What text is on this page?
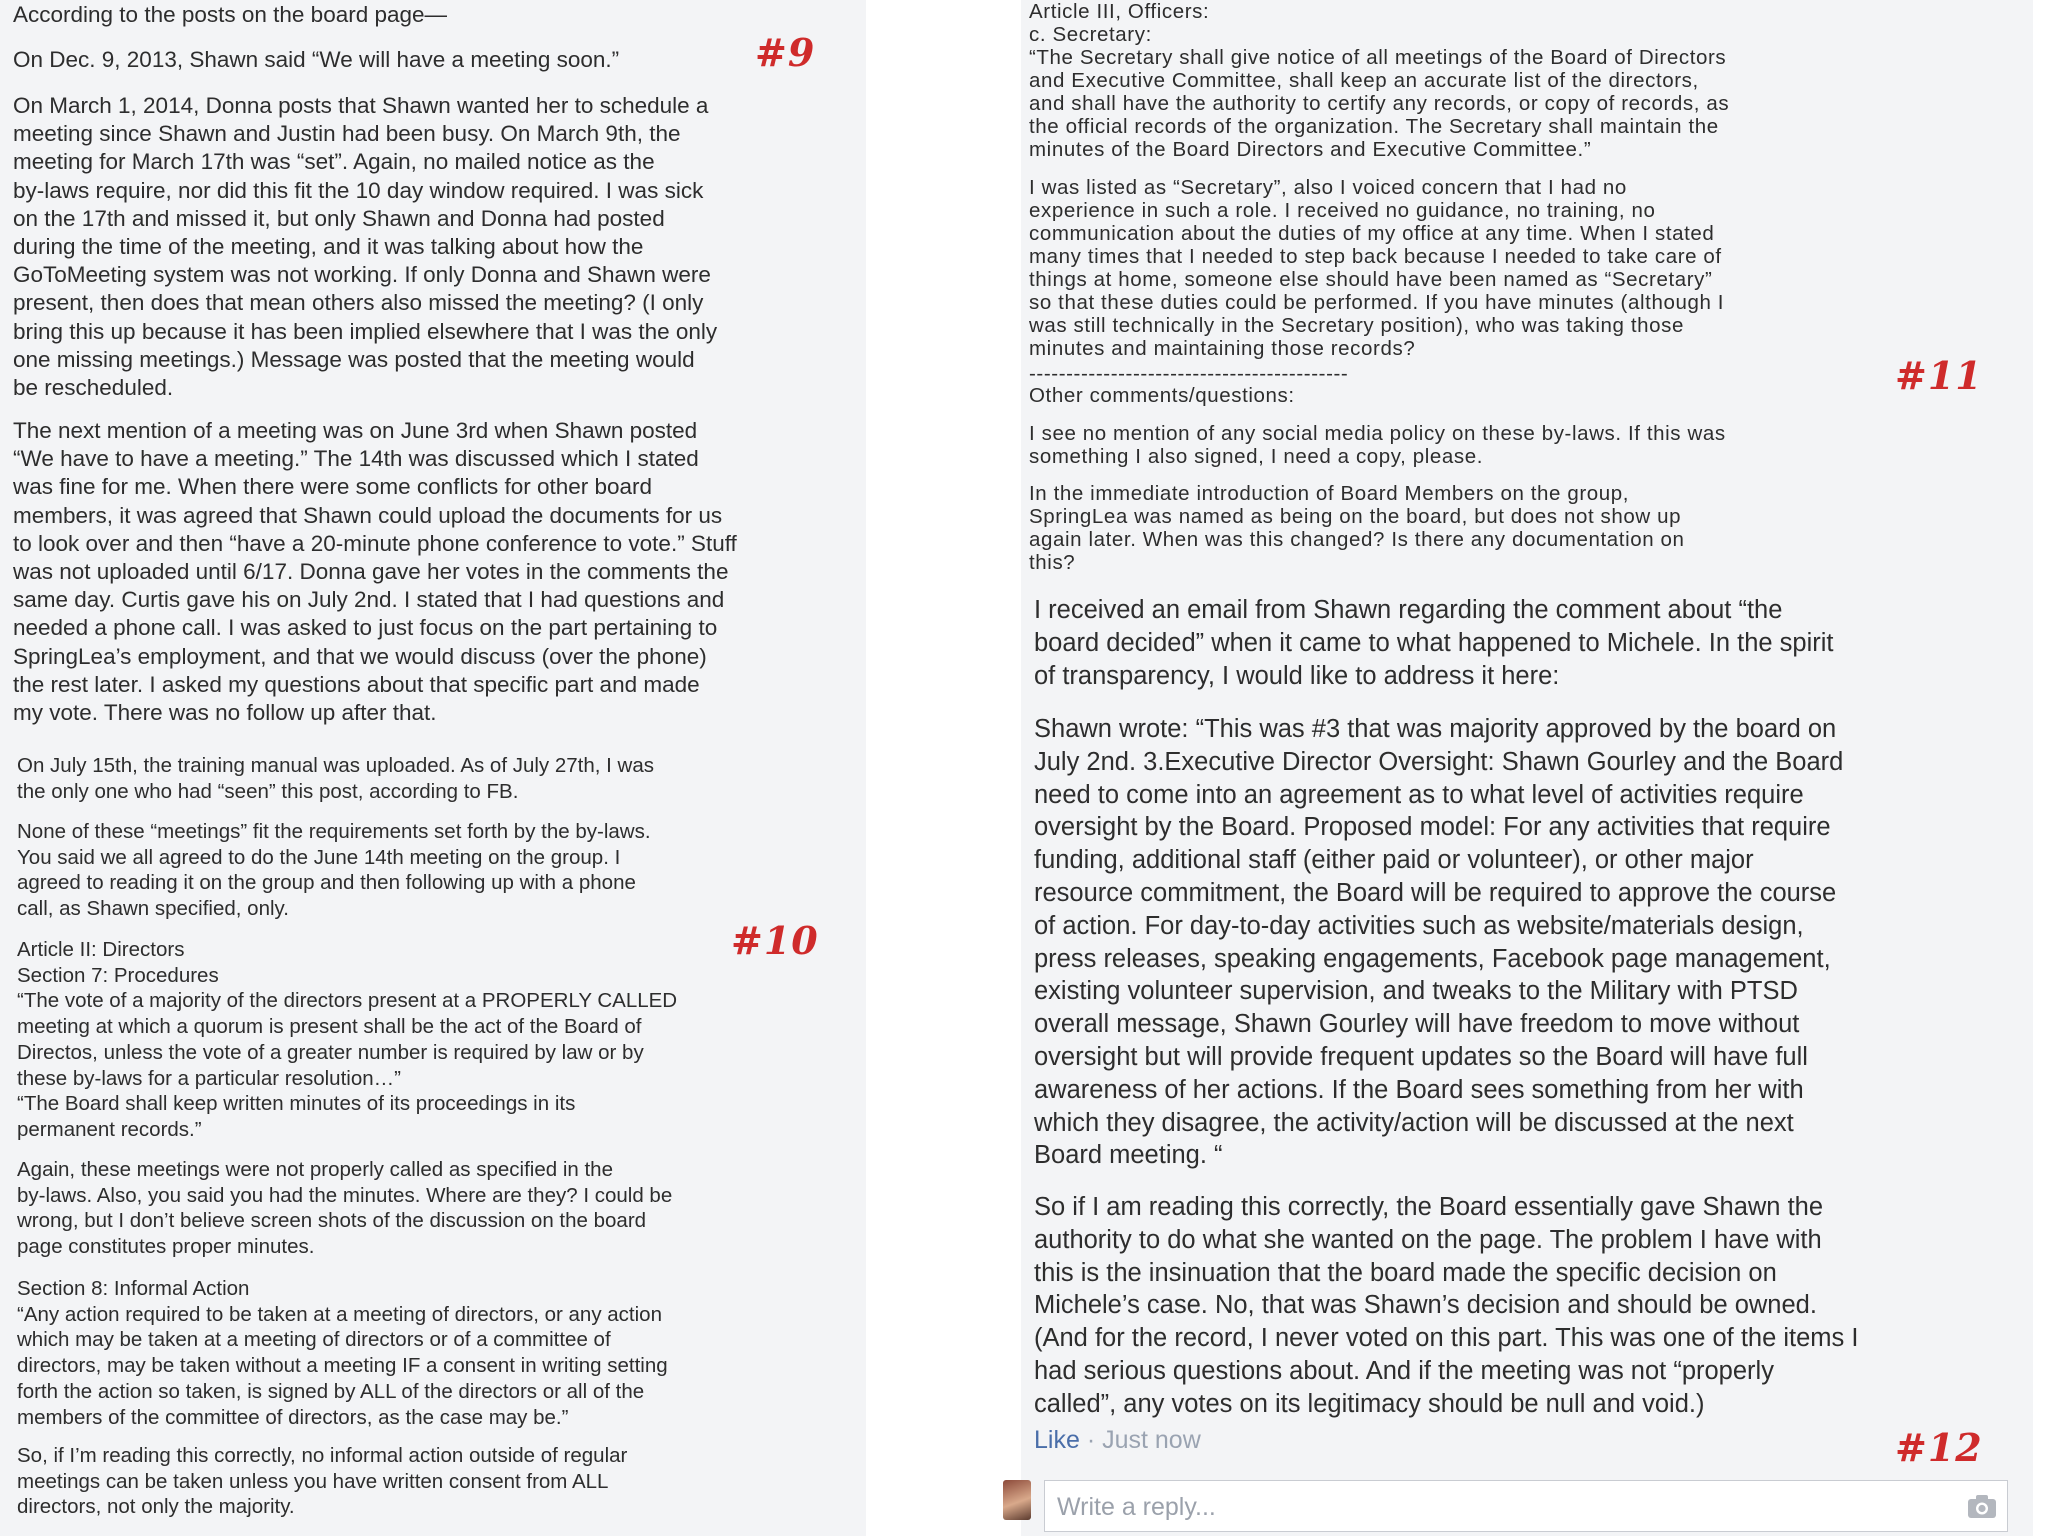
According to the posts on the board page—

On Dec. 9, 2013, Shawn said “We will have a meeting soon.”

On March 1, 2014, Donna posts that Shawn wanted her to schedule a
meeting since Shawn and Justin had been busy. On March 9th, the
meeting for March 17th was “set”. Again, no mailed notice as the
by-laws require, nor did this fit the 10 day window required. I was sick
on the 17th and missed it, but only Shawn and Donna had posted
during the time of the meeting, and it was talking about how the
GoToMeeting system was not working. If only Donna and Shawn were
present, then does that mean others also missed the meeting? (I only
bring this up because it has been implied elsewhere that I was the only
one missing meetings.) Message was posted that the meeting would
be rescheduled.

The next mention of a meeting was on June 3rd when Shawn posted
“We have to have a meeting.” The 14th was discussed which I stated
was fine for me. When there were some conflicts for other board
members, it was agreed that Shawn could upload the documents for us
to look over and then “have a 20-minute phone conference to vote.” Stuff
was not uploaded until 6/17. Donna gave her votes in the comments the
same day. Curtis gave his on July 2nd. I stated that I had questions and
needed a phone call. I was asked to just focus on the part pertaining to
SpringLea’s employment, and that we would discuss (over the phone)
the rest later. I asked my questions about that specific part and made
my vote. There was no follow up after that.

On July 15th, the training manual was uploaded. As of July 27th, I was
the only one who had “seen” this post, according to FB.

None of these “meetings” fit the requirements set forth by the by-laws.
You said we all agreed to do the June 14th meeting on the group. I
agreed to reading it on the group and then following up with a phone
call, as Shawn specified, only.

Article II: Directors
Section 7: Procedures
“The vote of a majority of the directors present at a PROPERLY CALLED
meeting at which a quorum is present shall be the act of the Board of
Directos, unless the vote of a greater number is required by law or by
these by-laws for a particular resolution…”
“The Board shall keep written minutes of its proceedings in its
permanent records.”

Again, these meetings were not properly called as specified in the
by-laws. Also, you said you had the minutes. Where are they? I could be
wrong, but I don’t believe screen shots of the discussion on the board
page constitutes proper minutes.

Section 8: Informal Action
“Any action required to be taken at a meeting of directors, or any action
which may be taken at a meeting of directors or of a committee of
directors, may be taken without a meeting IF a consent in writing setting
forth the action so taken, is signed by ALL of the directors or all of the
members of the committee of directors, as the case may be.”

So, if I’m reading this correctly, no informal action outside of regular
meetings can be taken unless you have written consent from ALL
directors, not only the majority.

Article III, Officers:
c. Secretary:
“The Secretary shall give notice of all meetings of the Board of Directors
and Executive Committee, shall keep an accurate list of the directors,
and shall have the authority to certify any records, or copy of records, as
the official records of the organization. The Secretary shall maintain the
minutes of the Board Directors and Executive Committee.”

I was listed as “Secretary”, also I voiced concern that I had no
experience in such a role. I received no guidance, no training, no
communication about the duties of my office at any time. When I stated
many times that I needed to step back because I needed to take care of
things at home, someone else should have been named as “Secretary”
so that these duties could be performed. If you have minutes (although I
was still technically in the Secretary position), who was taking those
minutes and maintaining those records?

-------------------------------------------

Other comments/questions:

I see no mention of any social media policy on these by-laws. If this was
something I also signed, I need a copy, please.

In the immediate introduction of Board Members on the group,
SpringLea was named as being on the board, but does not show up
again later. When was this changed? Is there any documentation on
this?

I received an email from Shawn regarding the comment about “the
board decided” when it came to what happened to Michele. In the spirit
of transparency, I would like to address it here:

Shawn wrote: “This was #3 that was majority approved by the board on
July 2nd. 3.Executive Director Oversight: Shawn Gourley and the Board
need to come into an agreement as to what level of activities require
oversight by the Board. Proposed model: For any activities that require
funding, additional staff (either paid or volunteer), or other major
resource commitment, the Board will be required to approve the course
of action. For day-to-day activities such as website/materials design,
press releases, speaking engagements, Facebook page management,
existing volunteer supervision, and tweaks to the Military with PTSD
overall message, Shawn Gourley will have freedom to move without
oversight but will provide frequent updates so the Board will have full
awareness of her actions. If the Board sees something from her with
which they disagree, the activity/action will be discussed at the next
Board meeting. “

So if I am reading this correctly, the Board essentially gave Shawn the
authority to do what she wanted on the page. The problem I have with
this is the insinuation that the board made the specific decision on
Michele’s case. No, that was Shawn’s decision and should be owned.
(And for the record, I never voted on this part. This was one of the items I
had serious questions about. And if the meeting was not “properly
called”, any votes on its legitimacy should be null and void.)

#9
#10
#11
#12
Like · Just now
Write a reply...
